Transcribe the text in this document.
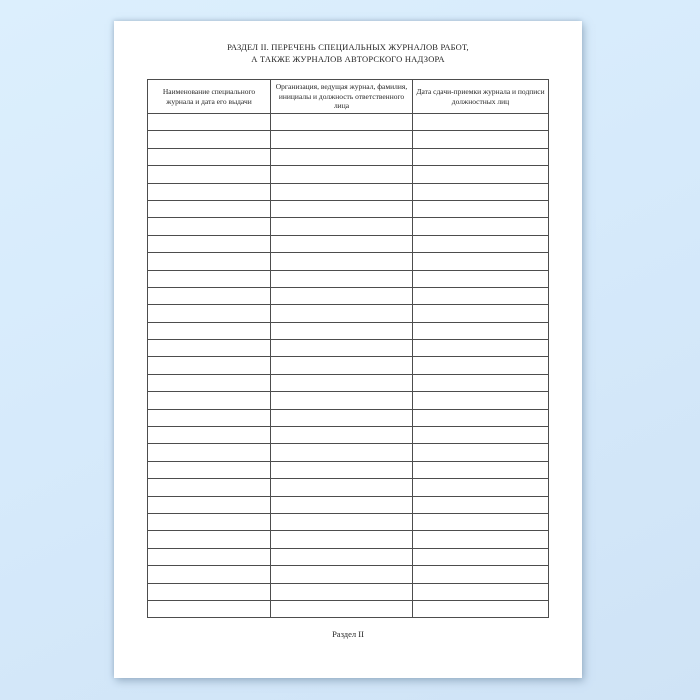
РАЗДЕЛ II. ПЕРЕЧЕНЬ СПЕЦИАЛЬНЫХ ЖУРНАЛОВ РАБОТ,
А ТАКЖЕ ЖУРНАЛОВ АВТОРСКОГО НАДЗОРА
Наименование специального журнала и дата его выдачи	Организация, ведущая журнал, фамилия, инициалы и должность ответственного лица	Дата сдачи-приемки журнала и подписи должностных лиц

Раздел II
